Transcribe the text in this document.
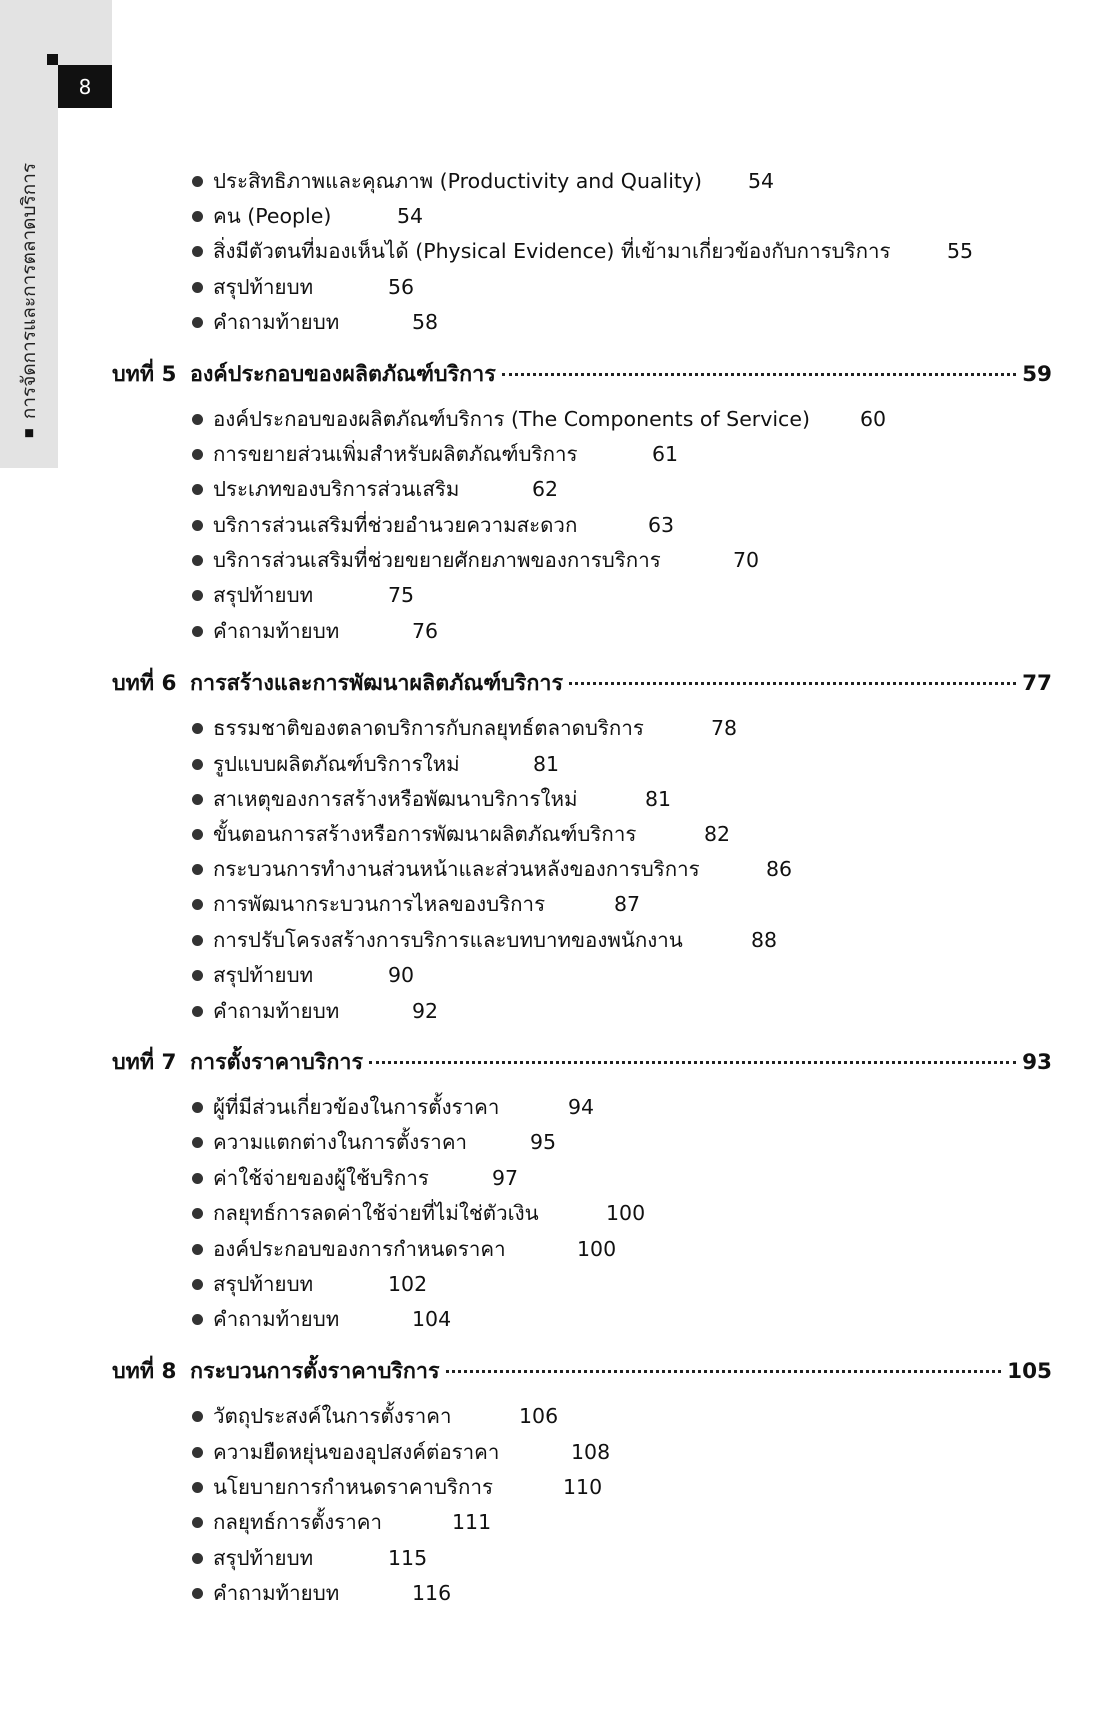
8
การจัดการและการตลาดบริการ	ประสิทธิภาพและคุณภาพ (Productivity and Quality) 54
คน (People)	54
สิ่งมีตัวตนที่มองเห็นได้ (Physical Evidence) ที่เข้ามาเกี่ยวข้องกับการบริการ	55
สรุปท้ายบท	56
คำถามท้ายบท	58
บทที่ 5 องค์ประกอบของผลิตภัณฑ์บริการ	59
องค์ประกอบของผลิตภัณฑ์บริการ (The Components of Service) 60
การขยายส่วนเพิ่มสำหรับผลิตภัณฑ์บริการ	61
ประเภทของบริการส่วนเสริม	62
บริการส่วนเสริมที่ช่วยอำนวยความสะดวก	63
บริการส่วนเสริมที่ช่วยขยายศักยภาพของการบริการ	70
สรุปท้ายบท	75
คำถามท้ายบท	76
บทที่ 6 การสร้างและการพัฒนาผลิตภัณฑ์บริการ	77
ธรรมชาติของตลาดบริการกับกลยุทธ์ตลาดบริการ	78
รูปแบบผลิตภัณฑ์บริการใหม่	81
สาเหตุของการสร้างหรือพัฒนาบริการใหม่	81
ขั้นตอนการสร้างหรือการพัฒนาผลิตภัณฑ์บริการ	82
กระบวนการทำงานส่วนหน้าและส่วนหลังของการบริการ	86
การพัฒนากระบวนการไหลของบริการ	87
การปรับโครงสร้างการบริการและบทบาทของพนักงาน	88
สรุปท้ายบท	90
คำถามท้ายบท	92
บทที่ 7 การตั้งราคาบริการ	93
ผู้ที่มีส่วนเกี่ยวข้องในการตั้งราคา	94
ความแตกต่างในการตั้งราคา	95
ค่าใช้จ่ายของผู้ใช้บริการ	97
กลยุทธ์การลดค่าใช้จ่ายที่ไม่ใช่ตัวเงิน	100
องค์ประกอบของการกำหนดราคา	100
สรุปท้ายบท	102
คำถามท้ายบท	104
บทที่ 8 กระบวนการตั้งราคาบริการ	105
วัตถุประสงค์ในการตั้งราคา	106
ความยืดหยุ่นของอุปสงค์ต่อราคา	108
นโยบายการกำหนดราคาบริการ	110
กลยุทธ์การตั้งราคา	111
สรุปท้ายบท	115
คำถามท้ายบท	116
